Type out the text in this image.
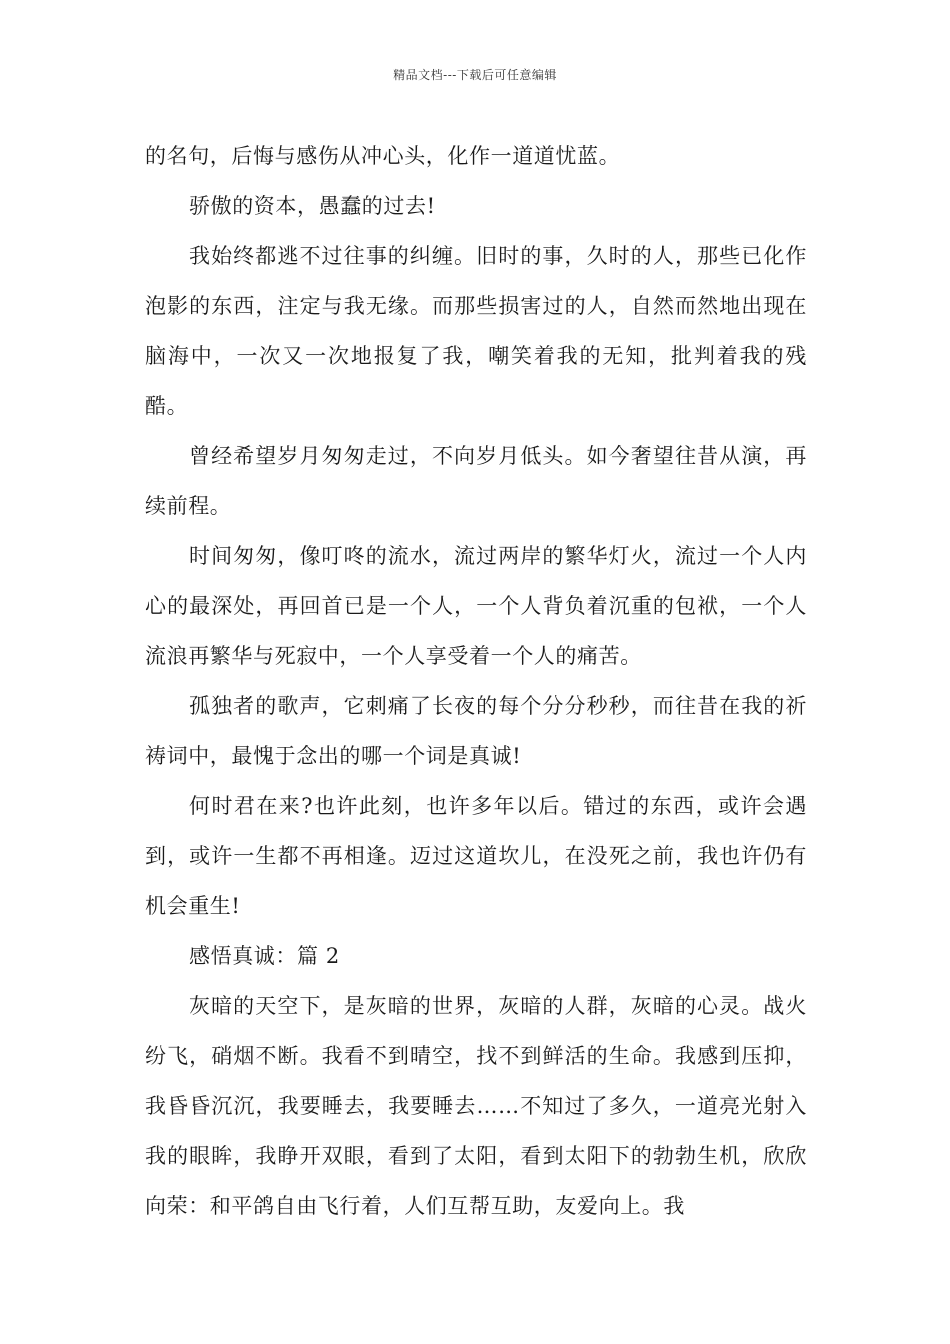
精品文档---下载后可任意编辑

的名句，后悔与感伤从冲心头，化作一道道忧蓝。

骄傲的资本，愚蠢的过去!

我始终都逃不过往事的纠缠。旧时的事，久时的人，那些已化作泡影的东西，注定与我无缘。而那些损害过的人，自然而然地出现在脑海中，一次又一次地报复了我，嘲笑着我的无知，批判着我的残酷。

曾经希望岁月匆匆走过，不向岁月低头。如今奢望往昔从演，再续前程。

时间匆匆，像叮咚的流水，流过两岸的繁华灯火，流过一个人内心的最深处，再回首已是一个人，一个人背负着沉重的包袱，一个人流浪再繁华与死寂中，一个人享受着一个人的痛苦。

孤独者的歌声，它刺痛了长夜的每个分分秒秒，而往昔在我的祈祷词中，最愧于念出的哪一个词是真诚!

何时君在来?也许此刻，也许多年以后。错过的东西，或许会遇到，或许一生都不再相逢。迈过这道坎儿，在没死之前，我也许仍有机会重生!

感悟真诚：篇 2

灰暗的天空下，是灰暗的世界，灰暗的人群，灰暗的心灵。战火纷飞，硝烟不断。我看不到晴空，找不到鲜活的生命。我感到压抑，我昏昏沉沉，我要睡去，我要睡去……不知过了多久，一道亮光射入我的眼眸，我睁开双眼，看到了太阳，看到太阳下的勃勃生机，欣欣向荣：和平鸽自由飞行着，人们互帮互助，友爱向上。我
